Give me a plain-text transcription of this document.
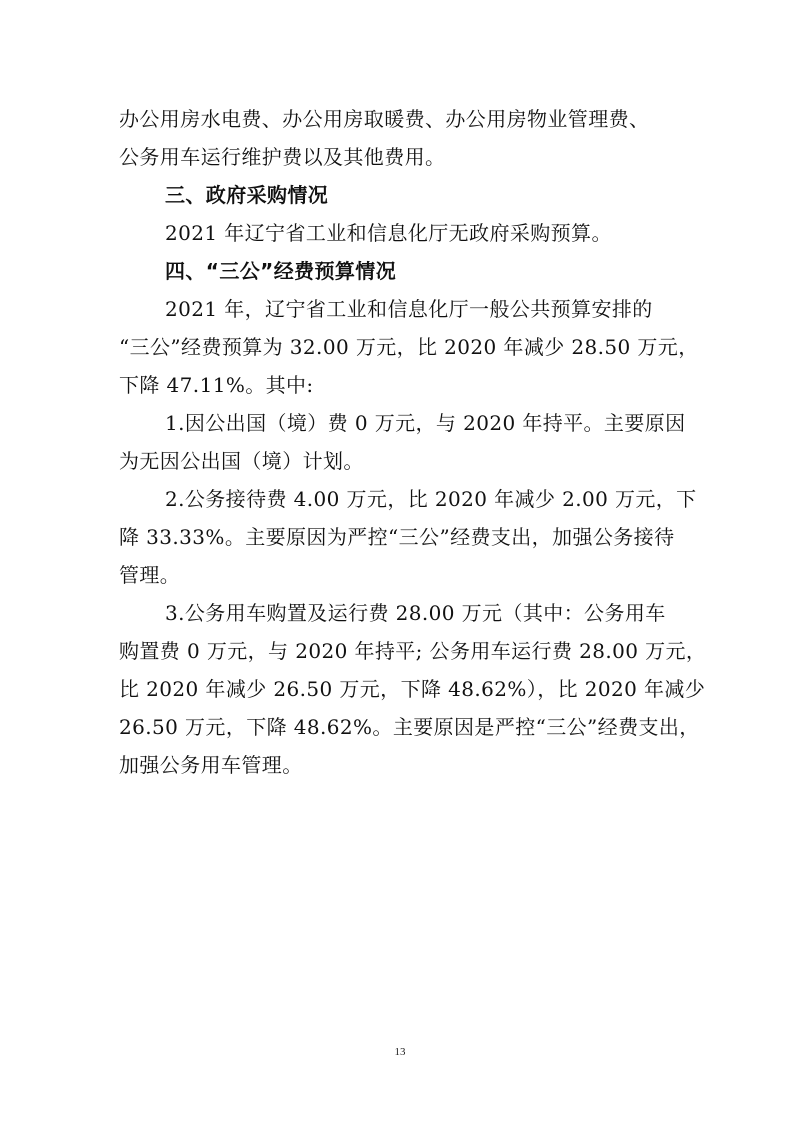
办公用房水电费、办公用房取暖费、办公用房物业管理费、
公务用车运行维护费以及其他费用。
三、政府采购情况
2021 年辽宁省工业和信息化厅无政府采购预算。
四、“三公”经费预算情况
2021 年，辽宁省工业和信息化厅一般公共预算安排的
“三公”经费预算为 32.00 万元，比 2020 年减少 28.50 万元，
下降 47.11%。其中:
1.因公出国（境）费 0 万元，与 2020 年持平。主要原因
为无因公出国（境）计划。
2.公务接待费 4.00 万元，比 2020 年减少 2.00 万元，下
降 33.33%。主要原因为严控“三公”经费支出，加强公务接待
管理。
3.公务用车购置及运行费 28.00 万元（其中：公务用车
购置费 0 万元，与 2020 年持平; 公务用车运行费 28.00 万元，
比 2020 年减少 26.50 万元，下降 48.62%），比 2020 年减少
26.50 万元，下降 48.62%。主要原因是严控“三公”经费支出，
加强公务用车管理。
13
